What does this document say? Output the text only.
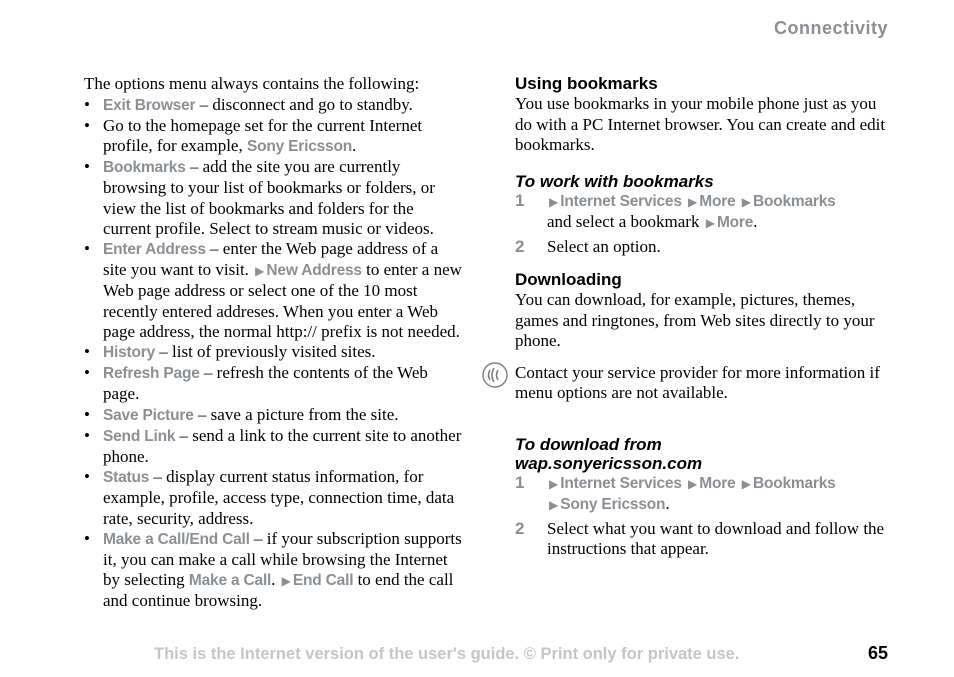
Connectivity

The options menu always contains the following:

• Exit Browser – disconnect and go to standby.
• Go to the homepage set for the current Internet profile, for example, Sony Ericsson.
• Bookmarks – add the site you are currently browsing to your list of bookmarks or folders, or view the list of bookmarks and folders for the current profile. Select to stream music or videos.
• Enter Address – enter the Web page address of a site you want to visit. ▶ New Address to enter a new Web page address or select one of the 10 most recently entered addreses. When you enter a Web page address, the normal http:// prefix is not needed.
• History – list of previously visited sites.
• Refresh Page – refresh the contents of the Web page.
• Save Picture – save a picture from the site.
• Send Link – send a link to the current site to another phone.
• Status – display current status information, for example, profile, access type, connection time, data rate, security, address.
• Make a Call/End Call – if your subscription supports it, you can make a call while browsing the Internet by selecting Make a Call. ▶ End Call to end the call and continue browsing.
Using bookmarks

You use bookmarks in your mobile phone just as you do with a PC Internet browser. You can create and edit bookmarks.

To work with bookmarks
1 ▶ Internet Services ▶ More ▶ Bookmarks
and select a bookmark ▶ More.
2 Select an option.
Downloading

You can download, for example, pictures, themes, games and ringtones, from Web sites directly to your phone.

Contact your service provider for more information if menu options are not available.
To download from
wap.sonyericsson.com
1 ▶ Internet Services ▶ More ▶ Bookmarks
▶ Sony Ericsson.
2 Select what you want to download and follow the instructions that appear.
This is the Internet version of the user's guide. © Print only for private use.	65
